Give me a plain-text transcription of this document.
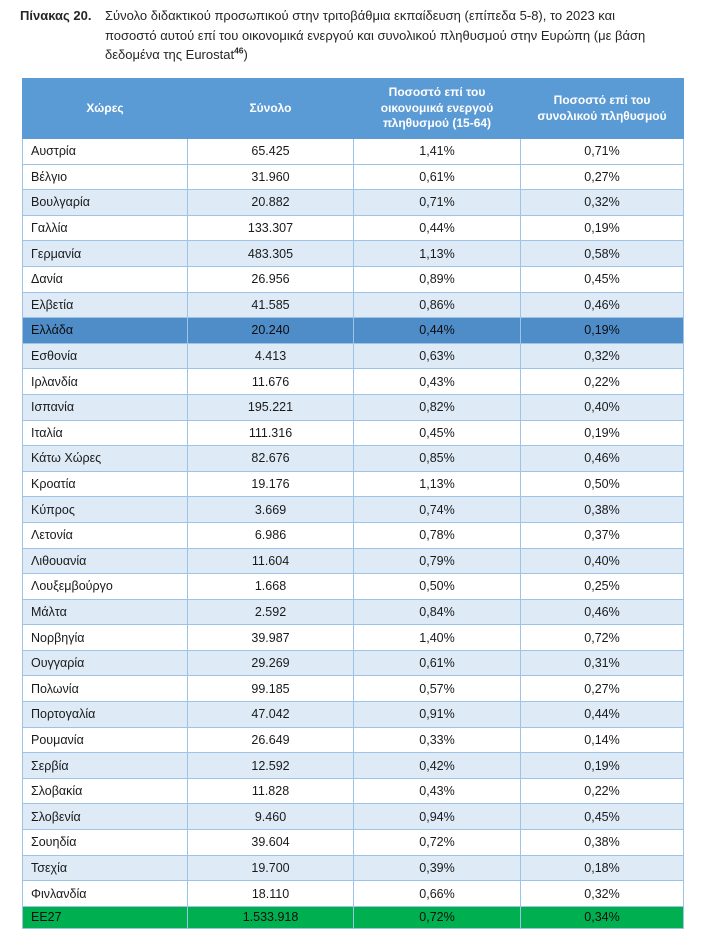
Πίνακας 20.	Σύνολο διδακτικού προσωπικού στην τριτοβάθμια εκπαίδευση (επίπεδα 5-8), το 2023 και ποσοστό αυτού επί του οικονομικά ενεργού και συνολικού πληθυσμού στην Ευρώπη (με βάση δεδομένα της Eurostat$^{46}$)
Χώρες	Σύνολο	Ποσοστό επί του οικονομικά ενεργού πληθυσμού (15-64)	Ποσοστό επί του συνολικού πληθυσμού
Αυστρία	65.425	1,41%	0,71%
Βέλγιο	31.960	0,61%	0,27%
Βουλγαρία	20.882	0,71%	0,32%
Γαλλία	133.307	0,44%	0,19%
Γερμανία	483.305	1,13%	0,58%
Δανία	26.956	0,89%	0,45%
Ελβετία	41.585	0,86%	0,46%
Ελλάδα	20.240	0,44%	0,19%
Εσθονία	4.413	0,63%	0,32%
Ιρλανδία	11.676	0,43%	0,22%
Ισπανία	195.221	0,82%	0,40%
Ιταλία	111.316	0,45%	0,19%
Κάτω Χώρες	82.676	0,85%	0,46%
Κροατία	19.176	1,13%	0,50%
Κύπρος	3.669	0,74%	0,38%
Λετονία	6.986	0,78%	0,37%
Λιθουανία	11.604	0,79%	0,40%
Λουξεμβούργο	1.668	0,50%	0,25%
Μάλτα	2.592	0,84%	0,46%
Νορβηγία	39.987	1,40%	0,72%
Ουγγαρία	29.269	0,61%	0,31%
Πολωνία	99.185	0,57%	0,27%
Πορτογαλία	47.042	0,91%	0,44%
Ρουμανία	26.649	0,33%	0,14%
Σερβία	12.592	0,42%	0,19%
Σλοβακία	11.828	0,43%	0,22%
Σλοβενία	9.460	0,94%	0,45%
Σουηδία	39.604	0,72%	0,38%
Τσεχία	19.700	0,39%	0,18%
Φινλανδία	18.110	0,66%	0,32%
ΕΕ27	1.533.918	0,72%	0,34%
